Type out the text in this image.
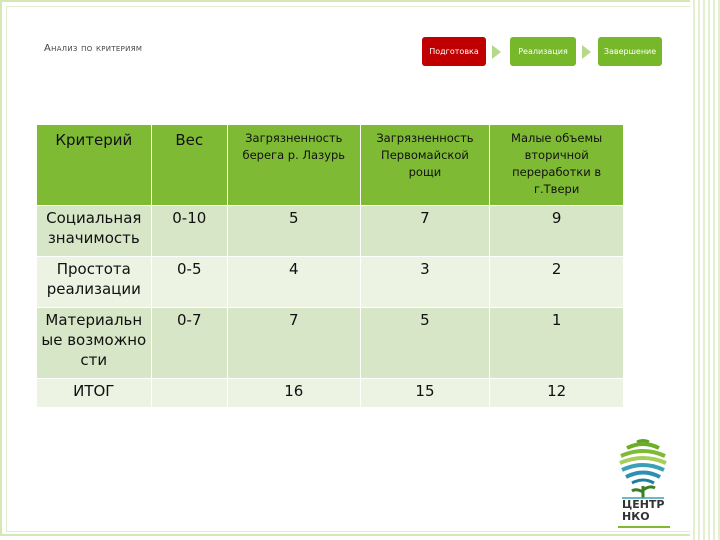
Анализ по критериям	Подготовка	Реализация	Завершение
Критерий	Вес	Загрязненность берега р. Лазурь	Загрязненность Первомайской рощи	Малые объемы вторичной переработки в г.Твери
Социальная значимость	0-10	5	7	9
Простота реализации	0-5	4	3	2
Материальные возможности	0-7	7	5	1
ИТОГ		16	15	12
ЦЕНТР
НКО
